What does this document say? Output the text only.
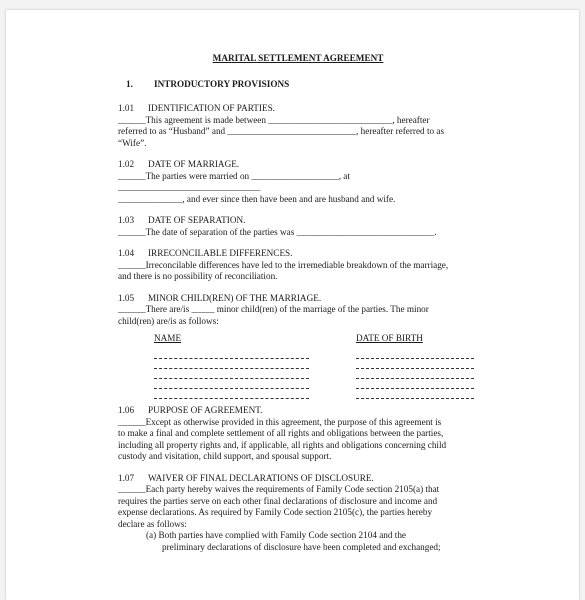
MARITAL SETTLEMENT AGREEMENT
1. INTRODUCTORY PROVISIONS

1.01 IDENTIFICATION OF PARTIES.

______This agreement is made between ___________________________, hereafter

referred to as “Husband” and ____________________________, hereafter referred to as

“Wife”.

1.02 DATE OF MARRIAGE.

______The parties were married on ___________________, at

_______________________________

______________, and ever since then have been and are husband and wife.

1.03 DATE OF SEPARATION.

______The date of separation of the parties was ______________________________.

1.04 IRRECONCILABLE DIFFERENCES.

______Irreconcilable differences have led to the irremediable breakdown of the marriage,

and there is no possibility of reconciliation.

1.05 MINOR CHILD(REN) OF THE MARRIAGE.

______There are/is _____ minor child(ren) of the marriage of the parties. The minor

child(ren) are/is as follows:

NAME	DATE OF BIRTH

1.06 PURPOSE OF AGREEMENT.

______Except as otherwise provided in this agreement, the purpose of this agreement is

to make a final and complete settlement of all rights and obligations between the parties,

including all property rights and, if applicable, all rights and obligations concerning child

custody and visitation, child support, and spousal support.

1.07 WAIVER OF FINAL DECLARATIONS OF DISCLOSURE.

______Each party hereby waives the requirements of Family Code section 2105(a) that

requires the parties serve on each other final declarations of disclosure and income and

expense declarations. As required by Family Code section 2105(c), the parties hereby

declare as follows:

(a) Both parties have complied with Family Code section 2104 and the

preliminary declarations of disclosure have been completed and exchanged;
